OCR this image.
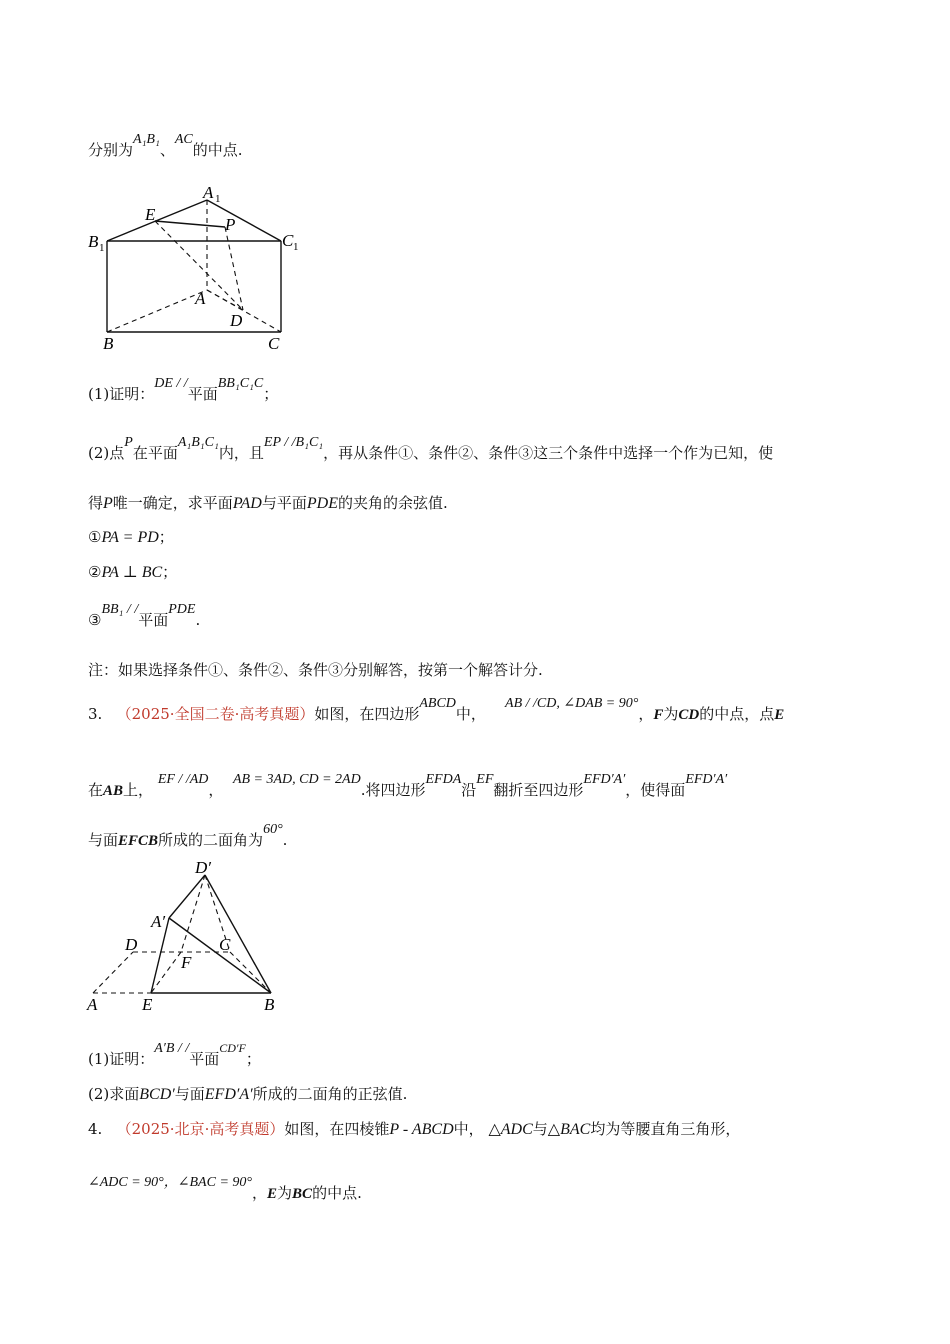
分别为A₁B₁、AC的中点.
A 1
E
P
B 1	C 1
A
D
B	C
(1)证明：DE / /平面BB₁C₁C；
(2)点P在平面A₁B₁C₁内，且EP / /B₁C₁，再从条件①、条件②、条件③这三个条件中选择一个作为已知，使
得P唯一确定，求平面PAD与平面PDE的夹角的余弦值.
①PA = PD；
②PA ⊥ BC；
③BB₁ / /平面PDE.
注：如果选择条件①、条件②、条件③分别解答，按第一个解答计分.
3. （2025·全国二卷·高考真题）如图，在四边形ABCD中，    AB / /CD, ∠DAB = 90°，F为CD的中点，点E
在AB上， EF / /AD，  AB = 3AD, CD = 2AD.将四边形EFDA沿EF翻折至四边形EFD′A′，使得面EFD′A′
与面EFCB所成的二面角为60°.
D′
A′
D	C
F
A	E	B
(1)证明：A′B / /平面$^{CD'F}$；
(2)求面BCD′与面EFD′A′所成的二面角的正弦值.
4. （2025·北京·高考真题）如图，在四棱锥P - ABCD中， △ADC与△BAC均为等腰直角三角形，
∠ADC = 90°，∠BAC = 90°，E为BC的中点.
